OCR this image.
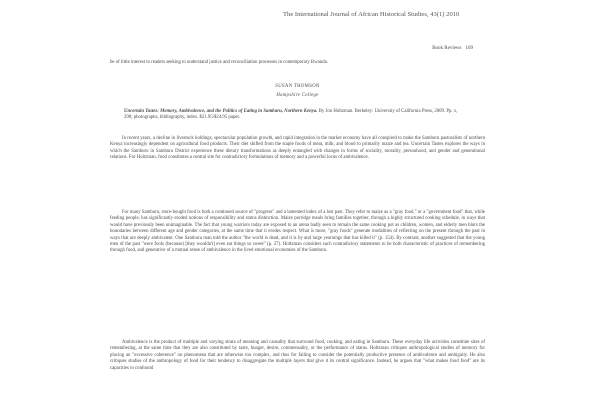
The International Journal of African Historical Studies, 43(1) 2010
Book Reviews 169
be of little interest to readers seeking to understand justice and reconciliation processes in contemporary Rwanda.
SUSAN THOMSON
Hampshire College
Uncertain Tastes: Memory, Ambivalence, and the Politics of Eating in Samburu, Northern Kenya. By Jon Holtzman. Berkeley: University of California Press, 2009. Pp. x, 298; photographs, bibliography, index. $21.95/$24.95 paper.
In recent years, a decline in livestock holdings, spectacular population growth, and rapid integration in the market economy have all conspired to make the Samburu pastoralists of northern Kenya increasingly dependent on agricultural food products. Their diet shifted from the staple foods of meat, milk, and blood to primarily maize and tea. Uncertain Tastes explores the ways in which the Samburu in Samburu District experience these dietary transformations as deeply entangled with changes in forms of sociality, morality, personhood, and gender and generational relations. For Holtzman, food constitutes a central site for contradictory formulations of memory and a powerful locus of ambivalence.
For many Samburu, store-bought food is both a continued source of "progress" and a lamented index of a lost past. They refer to maize as a "gray food," or a "government food" that, while feeding people, has significantly eroded notions of responsibility and status distinction. Maize porridge meals bring families together, through a highly structured cooking schedule, in ways that would have previously been unimaginable. The fact that young warriors today are exposed to an arena badly seen to remain the same cooking pot as children, women, and elderly men blurs the boundaries between different age and gender categories, at the same time that it erodes respect. What is more, "gray foods" generate modalities of reflecting on the present through the past in ways that are deeply ambivalent. One Samburu man told the author "the world is dead, and it is by and large yearnings that has killed it" (p. 154). By contrast, another suggested that the young men of the past "were fools (because) [they wouldn't] even eat things so sweet" (p. 27). Holtzman considers such contradictory statements to be both characteristic of practices of remembering through food, and generative of a mutual sense of ambivalence in the lived emotional economies of the Samburu.
Ambivalence is the product of multiple and varying strata of meaning and causality that surround food, cooking, and eating in Samburu. These everyday life activities constitute sites of remembering, at the same time that they are also constituted by taste, hunger, desire, commensality, or the performance of status. Holtzman critiques anthropological studies of memory for placing an "excessive coherence" on phenomena that are otherwise too complex, and thus for failing to consider the potentially productive presence of ambivalence and ambiguity. He also critiques studies of the anthropology of food for their tendency to disaggregate the multiple layers that give it its central significance. Instead, he argues that "what makes food food" are its capacities to confound
